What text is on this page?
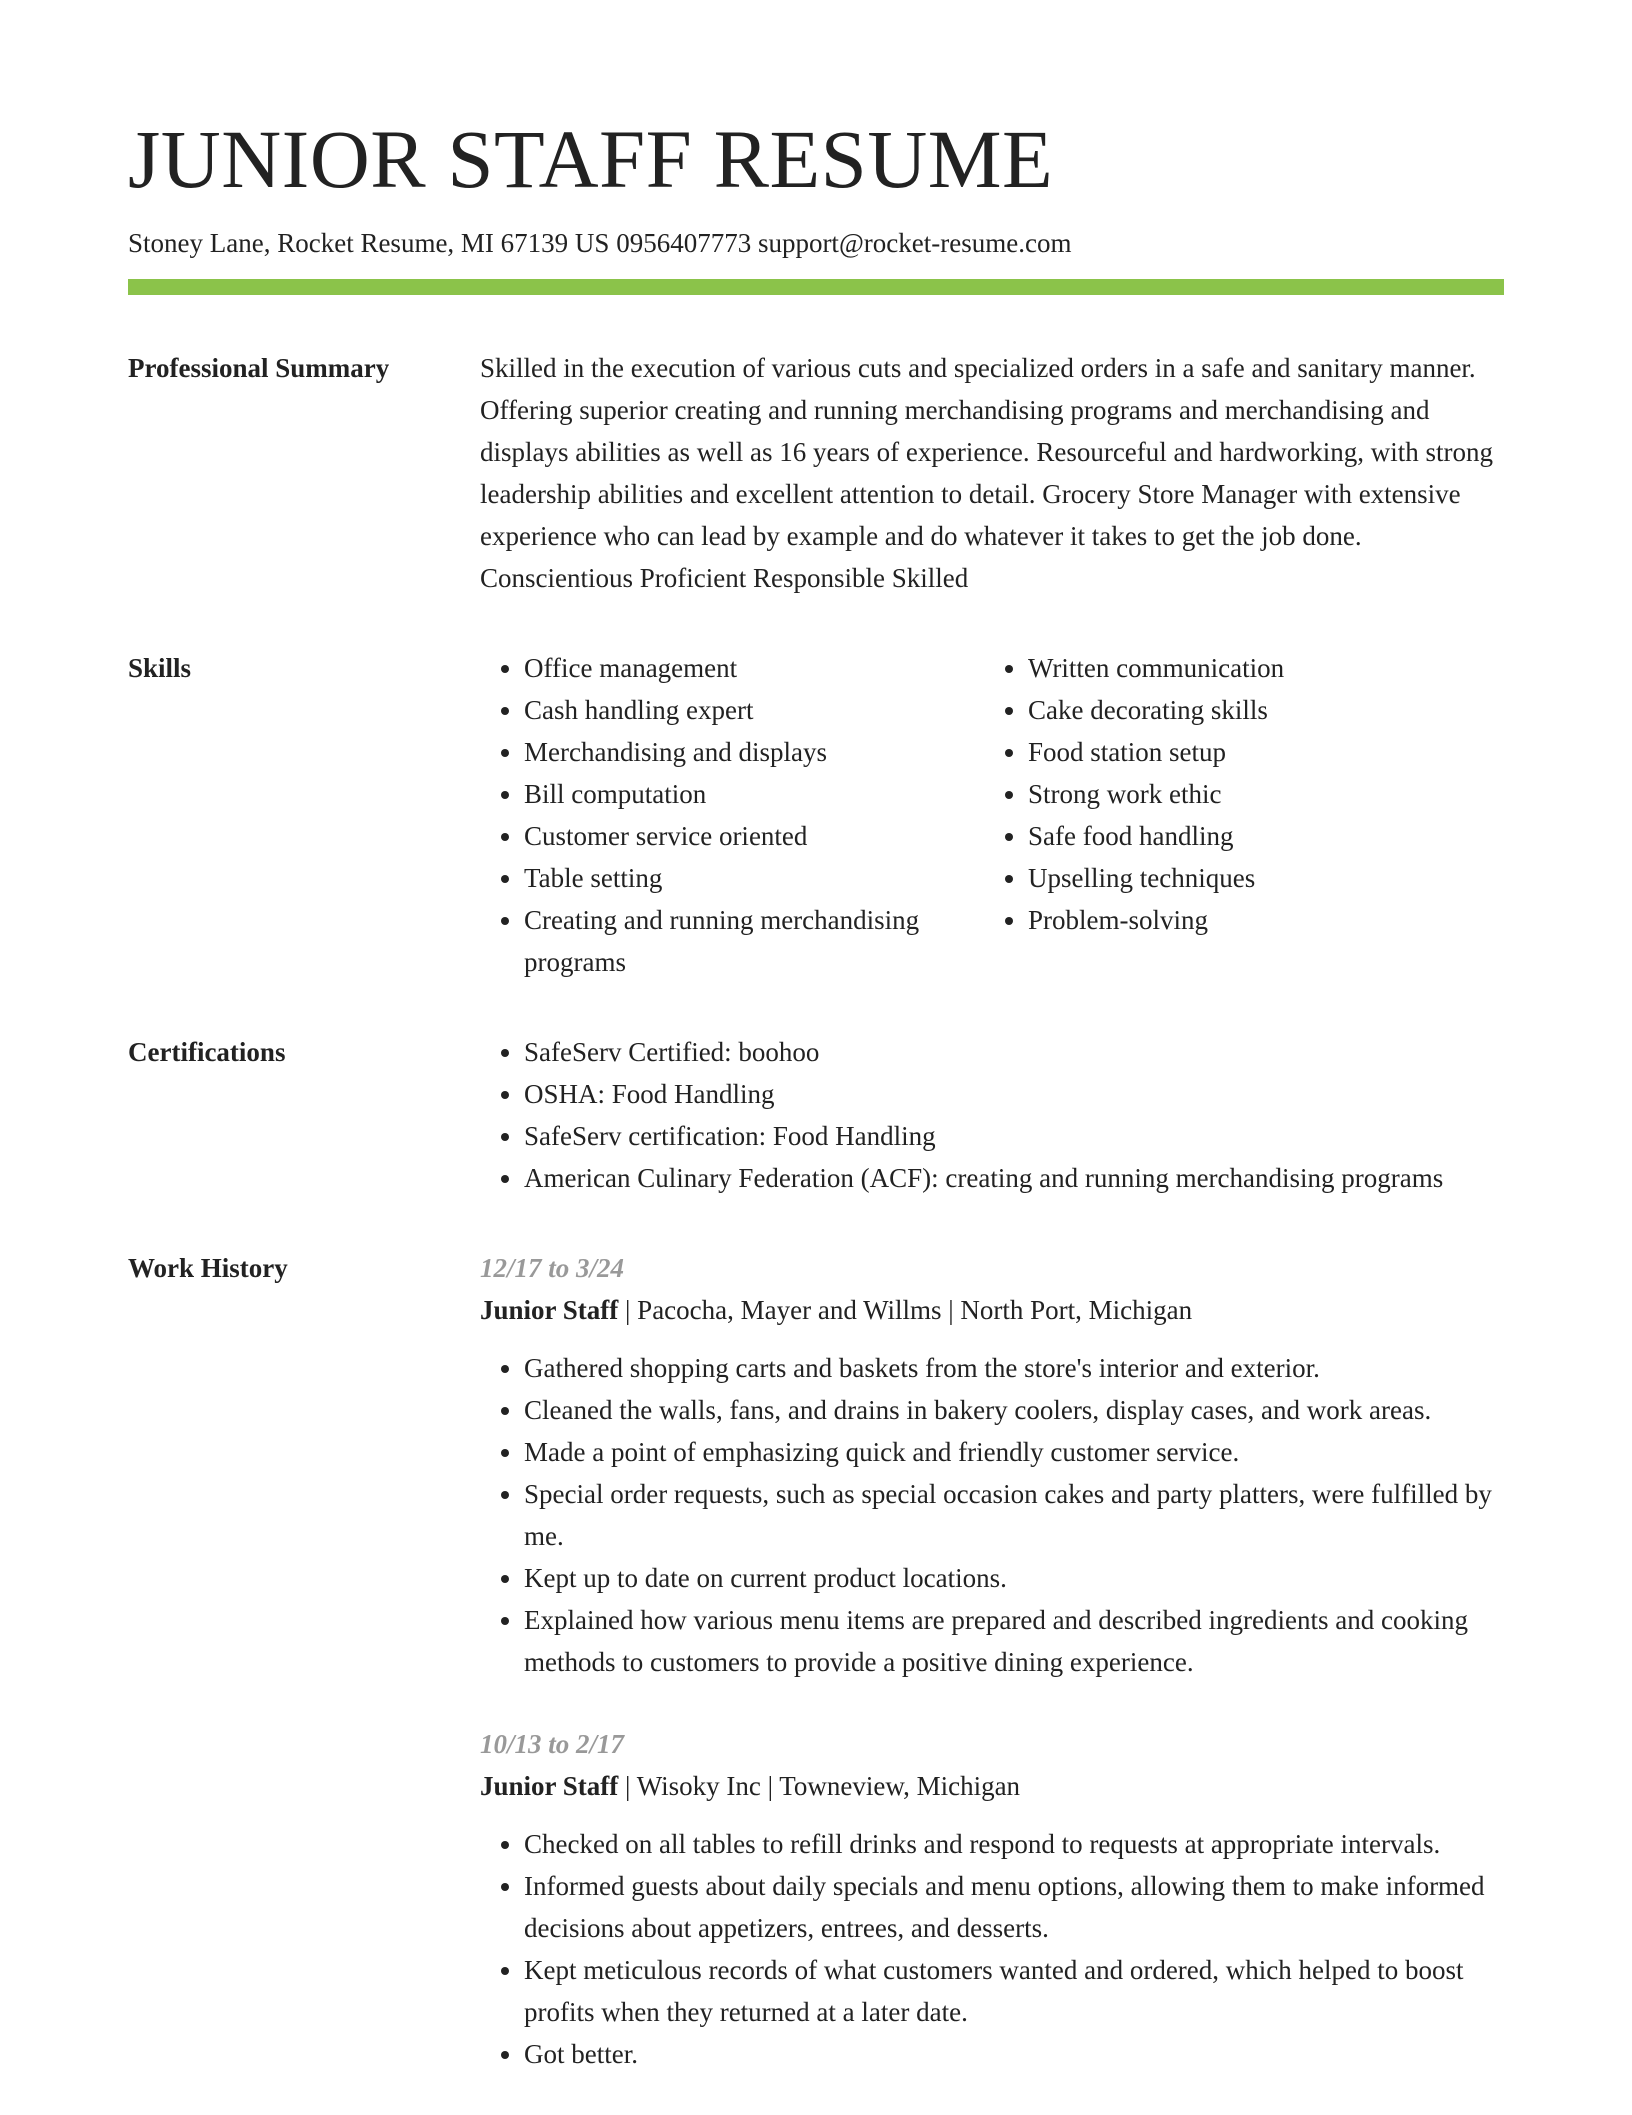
JUNIOR STAFF RESUME
Stoney Lane, Rocket Resume, MI 67139 US 0956407773 support@rocket-resume.com
Professional Summary	Skilled in the execution of various cuts and specialized orders in a safe and sanitary manner. Offering superior creating and running merchandising programs and merchandising and displays abilities as well as 16 years of experience. Resourceful and hardworking, with strong leadership abilities and excellent attention to detail. Grocery Store Manager with extensive experience who can lead by example and do whatever it takes to get the job done. Conscientious Proficient Responsible Skilled

Skills	• Office management
• Cash handling expert
• Merchandising and displays
• Bill computation
• Customer service oriented
• Table setting
• Creating and running merchandising programs
• Written communication
• Cake decorating skills
• Food station setup
• Strong work ethic
• Safe food handling
• Upselling techniques
• Problem-solving
Certifications	• SafeServ Certified: boohoo
• OSHA: Food Handling
• SafeServ certification: Food Handling
• American Culinary Federation (ACF): creating and running merchandising programs
Work History	12/17 to 3/24
Junior Staff | Pacocha, Mayer and Willms | North Port, Michigan
• Gathered shopping carts and baskets from the store's interior and exterior.
• Cleaned the walls, fans, and drains in bakery coolers, display cases, and work areas.
• Made a point of emphasizing quick and friendly customer service.
• Special order requests, such as special occasion cakes and party platters, were fulfilled by me.
• Kept up to date on current product locations.
• Explained how various menu items are prepared and described ingredients and cooking methods to customers to provide a positive dining experience.
10/13 to 2/17
Junior Staff | Wisoky Inc | Towneview, Michigan
• Checked on all tables to refill drinks and respond to requests at appropriate intervals.
• Informed guests about daily specials and menu options, allowing them to make informed decisions about appetizers, entrees, and desserts.
• Kept meticulous records of what customers wanted and ordered, which helped to boost profits when they returned at a later date.
• Got better.
